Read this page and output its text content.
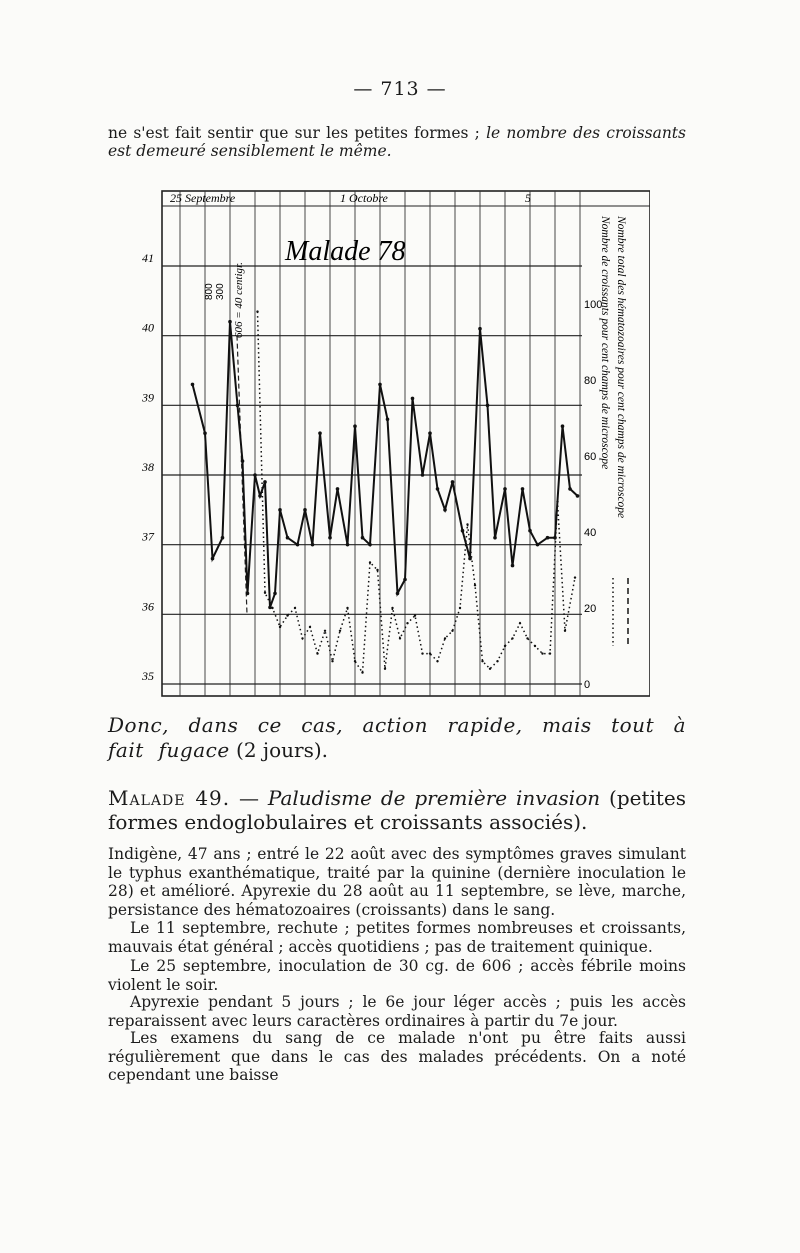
— 713 —
ne s'est fait sentir que sur les petites formes ; le nombre des croissants est demeuré sensiblement le même.
41
40
39
38
37
36
35
100
80
60
40
20
0
25 Septembre	1 Octobre	5
Malade 78
606 = 40 centigr.
800 300	Nombre total des hématozoaires pour cent champs de microscope
Nombre de croissants pour cent champs de microscope
Donc, dans ce cas, action rapide, mais tout à fait fugace (2 jours).
Malade 49. — Paludisme de première invasion (petites formes endoglobulaires et croissants associés).
Indigène, 47 ans ; entré le 22 août avec des symptômes graves simulant le typhus exanthématique, traité par la quinine (dernière inoculation le 28) et amélioré. Apyrexie du 28 août au 11 septembre, se lève, marche, persistance des hématozoaires (croissants) dans le sang.
Le 11 septembre, rechute ; petites formes nombreuses et croissants, mauvais état général ; accès quotidiens ; pas de traitement quinique.
Le 25 septembre, inoculation de 30 cg. de 606 ; accès fébrile moins violent le soir.
Apyrexie pendant 5 jours ; le 6e jour léger accès ; puis les accès reparaissent avec leurs caractères ordinaires à partir du 7e jour.
Les examens du sang de ce malade n'ont pu être faits aussi régulièrement que dans le cas des malades précédents. On a noté cependant une baisse
